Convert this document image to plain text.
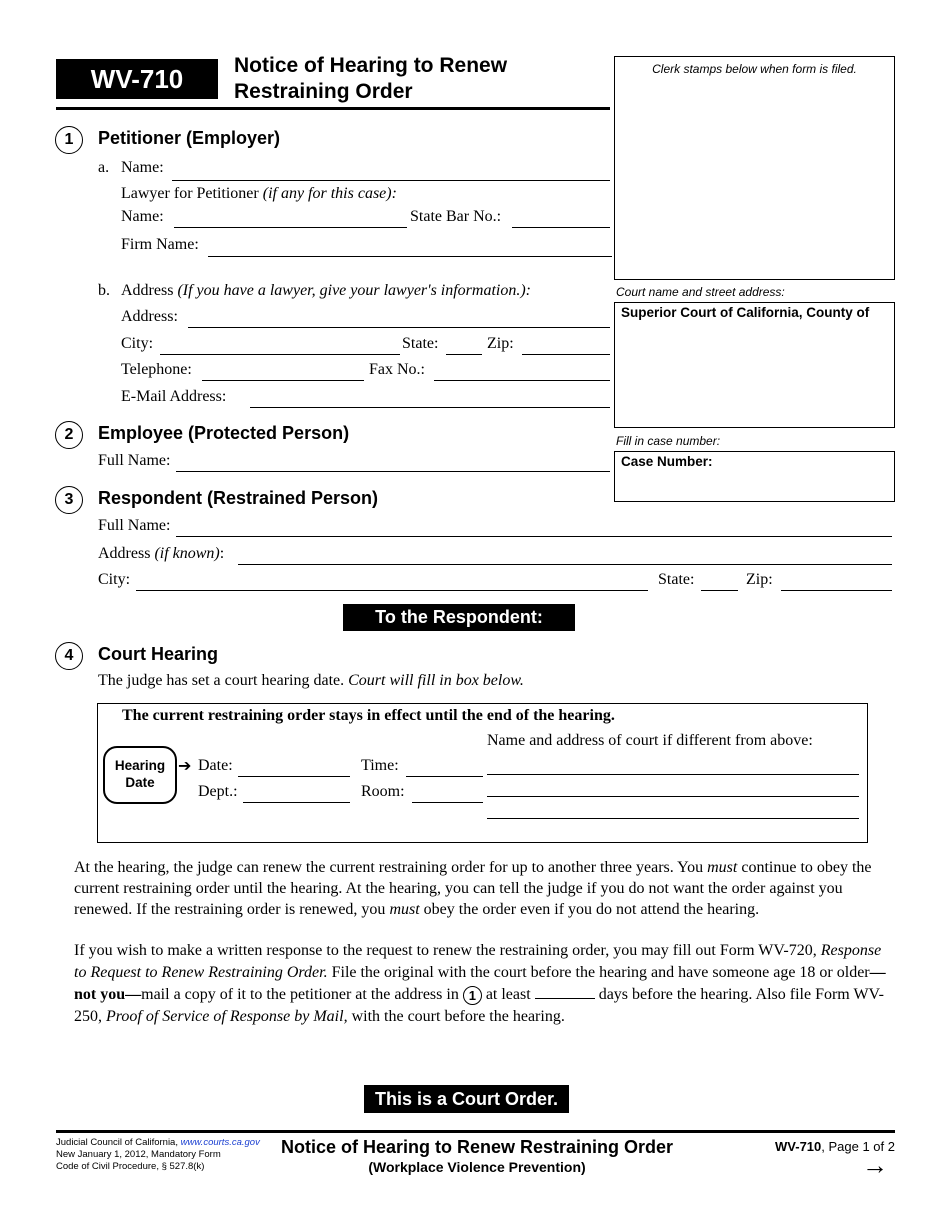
WV-710	Notice of Hearing to Renew
Restraining Order
Clerk stamps below when form is filed.
Court name and street address:
Superior Court of California, County of
Fill in case number:
Case Number:
1	Petitioner (Employer)
a. Name:
Lawyer for Petitioner (if any for this case):
Name:	State Bar No.:
Firm Name:
b. Address (If you have a lawyer, give your lawyer's information.):
Address:
City:	State:	Zip:
Telephone:	Fax No.:
E-Mail Address:
2	Employee (Protected Person)
Full Name:
3	Respondent (Restrained Person)
Full Name:
Address (if known):
City:	State:	Zip:
To the Respondent:
4	Court Hearing
The judge has set a court hearing date. Court will fill in box below.
The current restraining order stays in effect until the end of the hearing.
Name and address of court if different from above:
Hearing
Date
➔ Date:	Time:
Dept.:	Room:
At the hearing, the judge can renew the current restraining order for up to another three years. You must continue to obey the current restraining order until the hearing. At the hearing, you can tell the judge if you do not want the order against you renewed. If the restraining order is renewed, you must obey the order even if you do not attend the hearing.
If you wish to make a written response to the request to renew the restraining order, you may fill out Form WV-720, Response to Request to Renew Restraining Order. File the original with the court before the hearing and have someone age 18 or older—not you—mail a copy of it to the petitioner at the address in 1 at least	days before the hearing. Also file Form WV-250, Proof of Service of Response by Mail, with the court before the hearing.
This is a Court Order.
Judicial Council of California, www.courts.ca.gov
New January 1, 2012, Mandatory Form
Code of Civil Procedure, § 527.8(k)
Notice of Hearing to Renew Restraining Order
(Workplace Violence Prevention)
WV-710, Page 1 of 2
→
